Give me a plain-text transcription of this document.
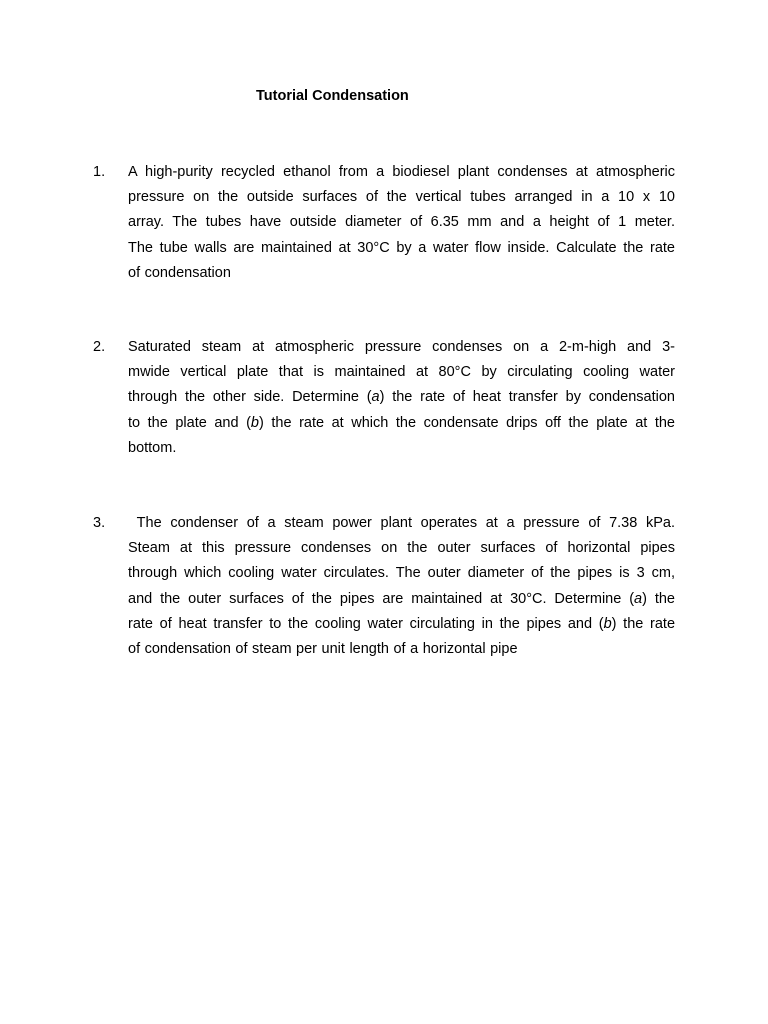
Tutorial Condensation
1. A high-purity recycled ethanol from a biodiesel plant condenses at atmospheric
pressure on the outside surfaces of the vertical tubes arranged in a 10 x 10
array. The tubes have outside diameter of 6.35 mm and a height of 1 meter.
The tube walls are maintained at 30°C by a water flow inside. Calculate the rate
of condensation
2. Saturated steam at atmospheric pressure condenses on a 2-m-high and 3-
mwide vertical plate that is maintained at 80°C by circulating cooling water
through the other side. Determine (a) the rate of heat transfer by condensation
to the plate and (b) the rate at which the condensate drips off the plate at the
bottom.
3. The condenser of a steam power plant operates at a pressure of 7.38 kPa.
Steam at this pressure condenses on the outer surfaces of horizontal pipes
through which cooling water circulates. The outer diameter of the pipes is 3 cm,
and the outer surfaces of the pipes are maintained at 30°C. Determine (a) the
rate of heat transfer to the cooling water circulating in the pipes and (b) the rate
of condensation of steam per unit length of a horizontal pipe
